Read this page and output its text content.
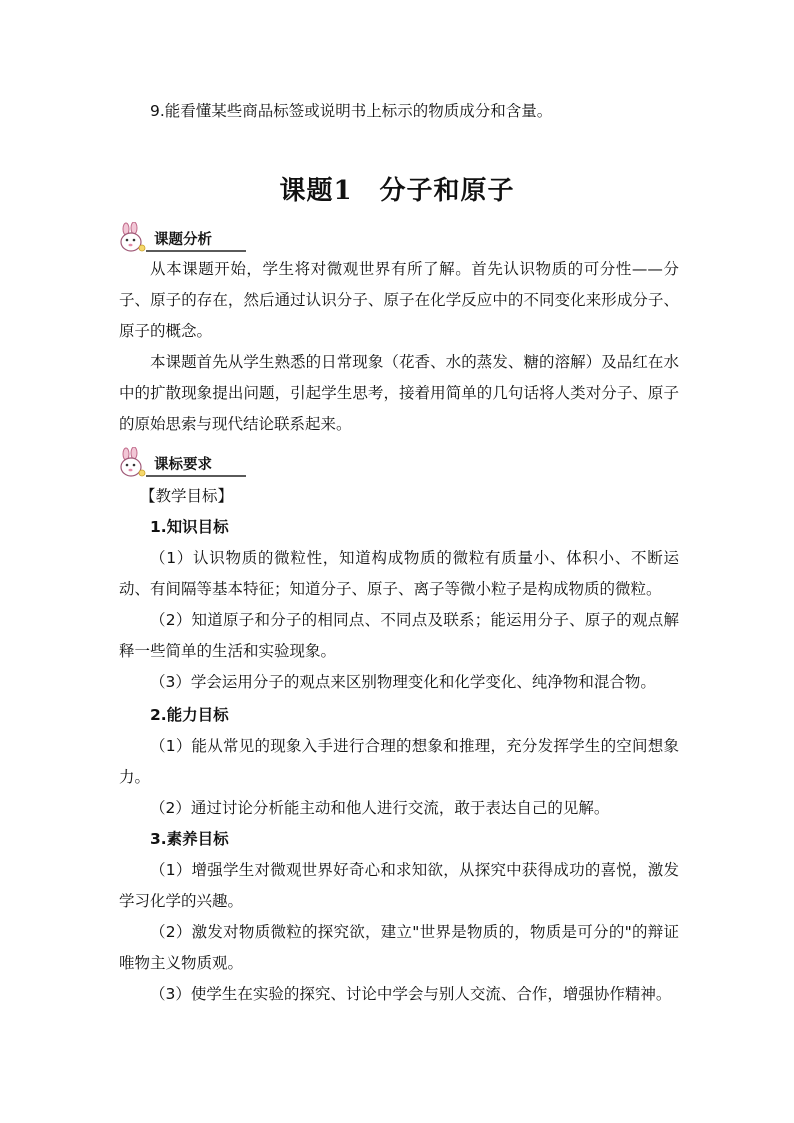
9.能看懂某些商品标签或说明书上标示的物质成分和含量。

课题1　分子和原子
课题分析

从本课题开始，学生将对微观世界有所了解。首先认识物质的可分性——分子、原子的存在，然后通过认识分子、原子在化学反应中的不同变化来形成分子、原子的概念。

本课题首先从学生熟悉的日常现象（花香、水的蒸发、糖的溶解）及品红在水中的扩散现象提出问题，引起学生思考，接着用简单的几句话将人类对分子、原子的原始思索与现代结论联系起来。

课标要求

【教学目标】

1.知识目标

（1）认识物质的微粒性，知道构成物质的微粒有质量小、体积小、不断运动、有间隔等基本特征；知道分子、原子、离子等微小粒子是构成物质的微粒。

（2）知道原子和分子的相同点、不同点及联系；能运用分子、原子的观点解释一些简单的生活和实验现象。

（3）学会运用分子的观点来区别物理变化和化学变化、纯净物和混合物。

2.能力目标

（1）能从常见的现象入手进行合理的想象和推理，充分发挥学生的空间想象力。

（2）通过讨论分析能主动和他人进行交流，敢于表达自己的见解。

3.素养目标

（1）增强学生对微观世界好奇心和求知欲，从探究中获得成功的喜悦，激发学习化学的兴趣。

（2）激发对物质微粒的探究欲，建立"世界是物质的，物质是可分的"的辩证唯物主义物质观。

（3）使学生在实验的探究、讨论中学会与别人交流、合作，增强协作精神。
